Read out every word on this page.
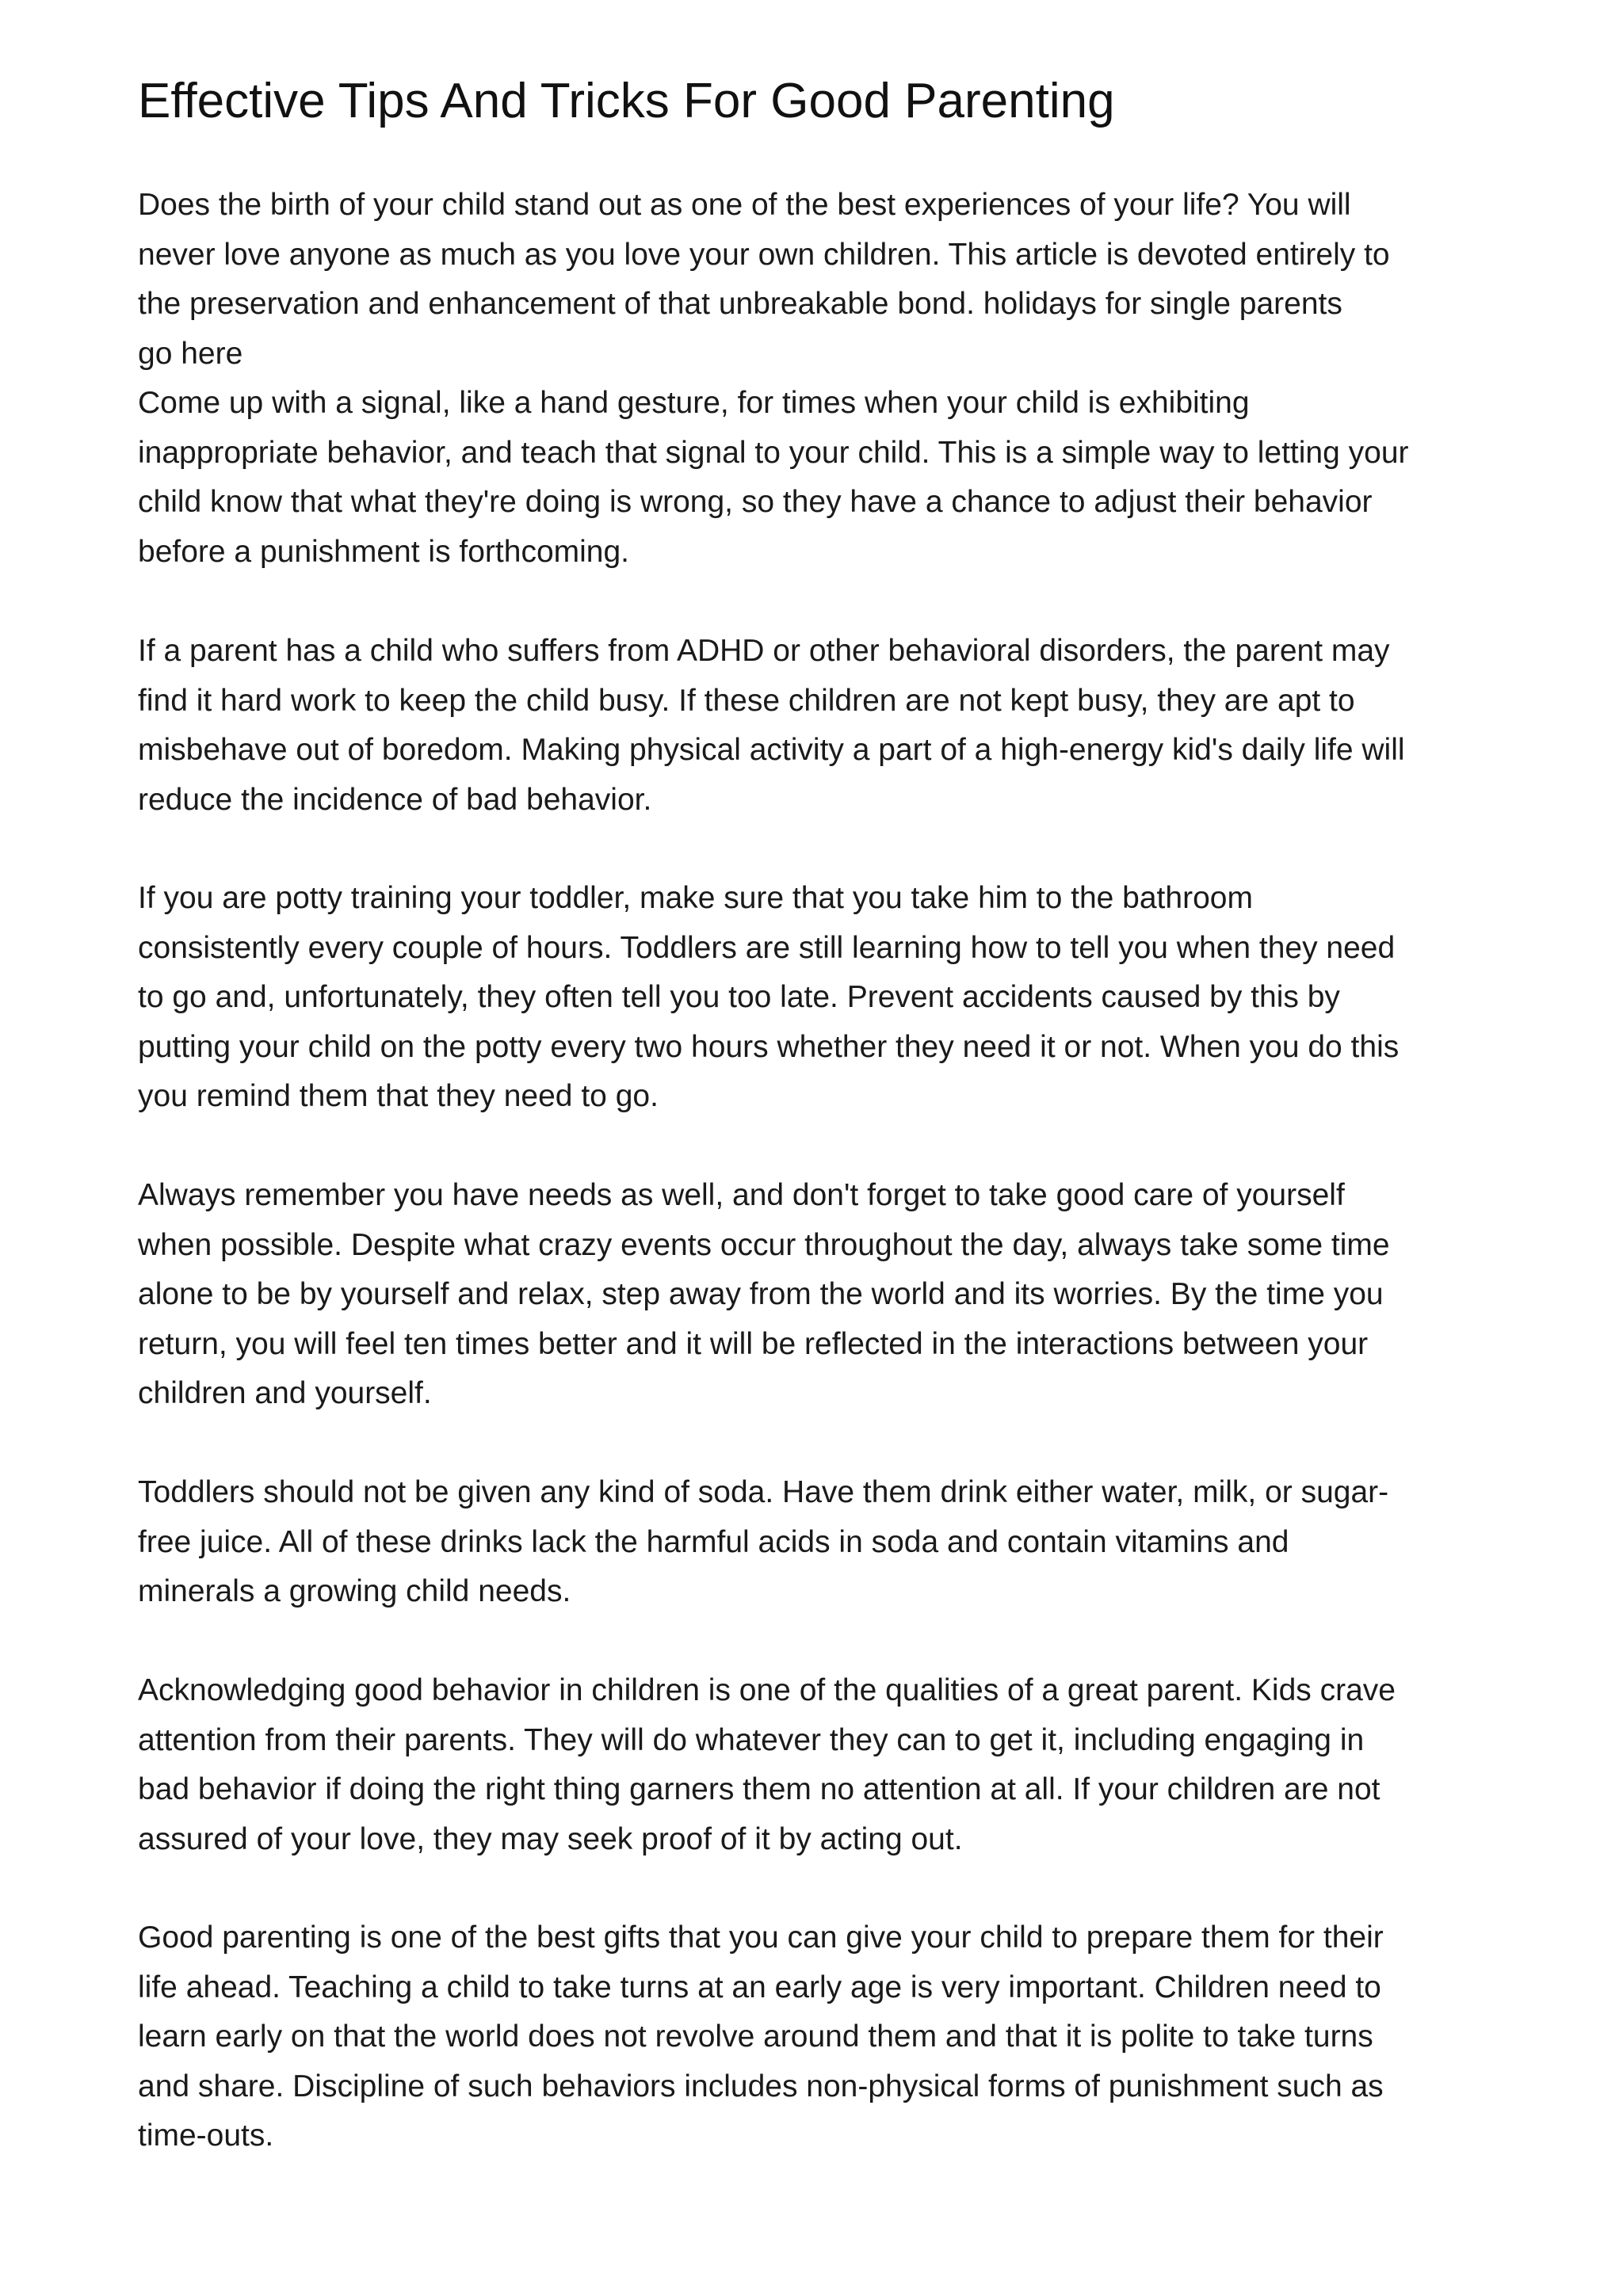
Effective Tips And Tricks For Good Parenting
Does the birth of your child stand out as one of the best experiences of your life? You will
never love anyone as much as you love your own children. This article is devoted entirely to
the preservation and enhancement of that unbreakable bond. holidays for single parents
go here
Come up with a signal, like a hand gesture, for times when your child is exhibiting
inappropriate behavior, and teach that signal to your child. This is a simple way to letting your
child know that what they're doing is wrong, so they have a chance to adjust their behavior
before a punishment is forthcoming.
If a parent has a child who suffers from ADHD or other behavioral disorders, the parent may
find it hard work to keep the child busy. If these children are not kept busy, they are apt to
misbehave out of boredom. Making physical activity a part of a high-energy kid's daily life will
reduce the incidence of bad behavior.
If you are potty training your toddler, make sure that you take him to the bathroom
consistently every couple of hours. Toddlers are still learning how to tell you when they need
to go and, unfortunately, they often tell you too late. Prevent accidents caused by this by
putting your child on the potty every two hours whether they need it or not. When you do this
you remind them that they need to go.
Always remember you have needs as well, and don't forget to take good care of yourself
when possible. Despite what crazy events occur throughout the day, always take some time
alone to be by yourself and relax, step away from the world and its worries. By the time you
return, you will feel ten times better and it will be reflected in the interactions between your
children and yourself.
Toddlers should not be given any kind of soda. Have them drink either water, milk, or sugar-
free juice. All of these drinks lack the harmful acids in soda and contain vitamins and
minerals a growing child needs.
Acknowledging good behavior in children is one of the qualities of a great parent. Kids crave
attention from their parents. They will do whatever they can to get it, including engaging in
bad behavior if doing the right thing garners them no attention at all. If your children are not
assured of your love, they may seek proof of it by acting out.
Good parenting is one of the best gifts that you can give your child to prepare them for their
life ahead. Teaching a child to take turns at an early age is very important. Children need to
learn early on that the world does not revolve around them and that it is polite to take turns
and share. Discipline of such behaviors includes non-physical forms of punishment such as
time-outs.
